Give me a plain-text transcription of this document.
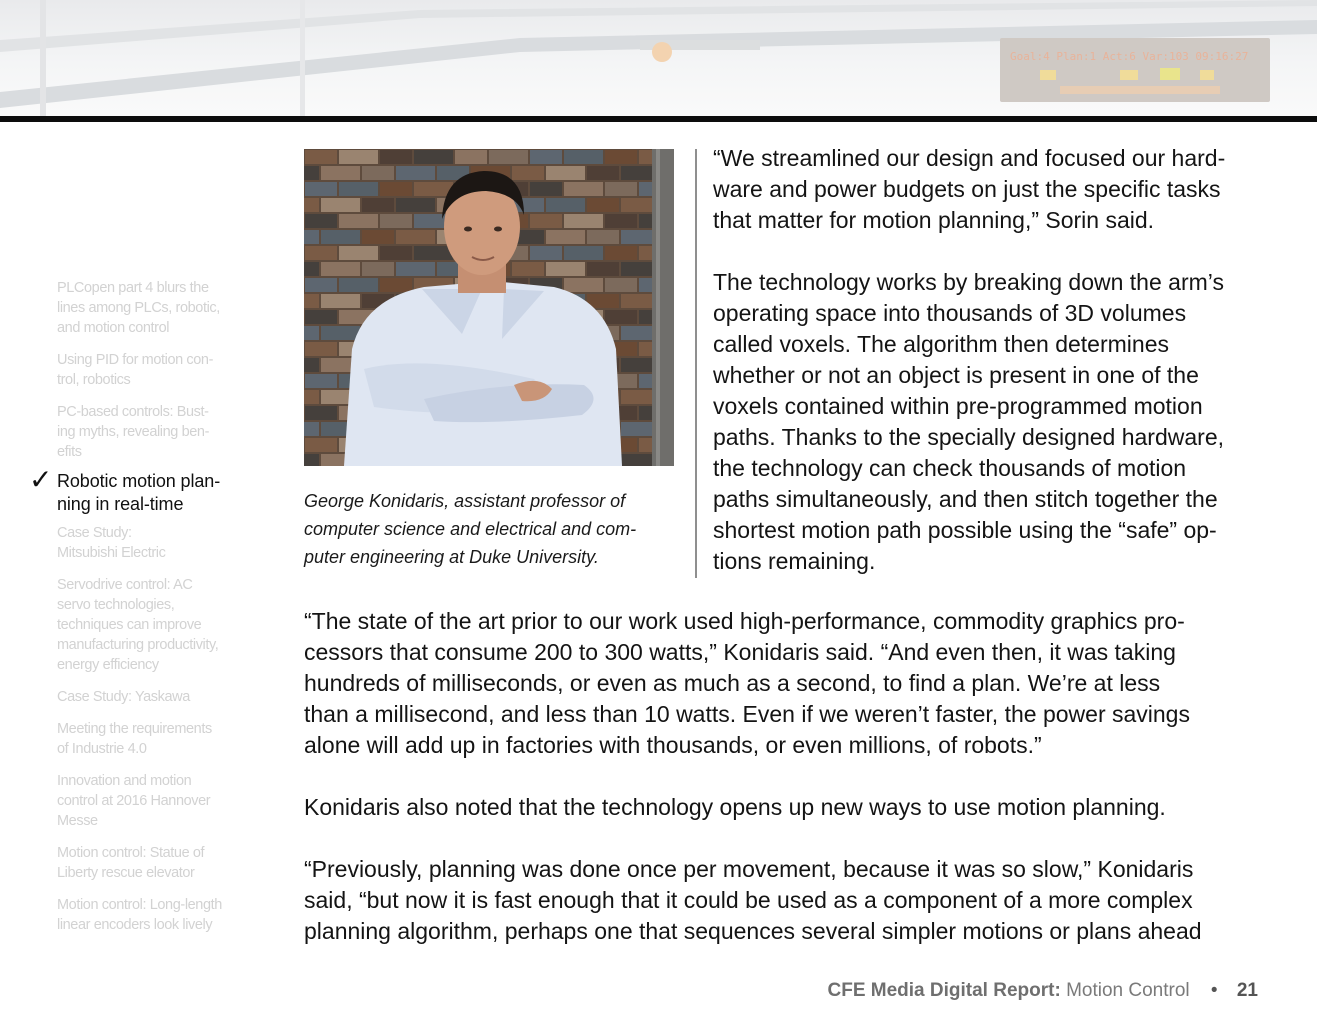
Goal:4 Plan:1 Act:6 Var:103 09:16:27
PLCopen part 4 blurs the
lines among PLCs, robotic,
and motion control
Using PID for motion con-
trol, robotics
PC-based controls: Bust-
ing myths, revealing ben-
efits
✓ Robotic motion plan-
ning in real-time
Case Study:
Mitsubishi Electric
Servodrive control: AC
servo technologies,
techniques can improve
manufacturing productivity,
energy efficiency
Case Study: Yaskawa
Meeting the requirements
of Industrie 4.0
Innovation and motion
control at 2016 Hannover
Messe
Motion control: Statue of
Liberty rescue elevator
Motion control: Long-length
linear encoders look lively
George Konidaris, assistant professor of
computer science and electrical and com-
puter engineering at Duke University.

“We streamlined our design and focused our hard-
ware and power budgets on just the specific tasks
that matter for motion planning,” Sorin said.

The technology works by breaking down the arm’s
operating space into thousands of 3D volumes
called voxels. The algorithm then determines
whether or not an object is present in one of the
voxels contained within pre-programmed motion
paths. Thanks to the specially designed hardware,
the technology can check thousands of motion
paths simultaneously, and then stitch together the
shortest motion path possible using the “safe” op-
tions remaining.

“The state of the art prior to our work used high-performance, commodity graphics pro-
cessors that consume 200 to 300 watts,” Konidaris said. “And even then, it was taking
hundreds of milliseconds, or even as much as a second, to find a plan. We’re at less
than a millisecond, and less than 10 watts. Even if we weren’t faster, the power savings
alone will add up in factories with thousands, or even millions, of robots.”

Konidaris also noted that the technology opens up new ways to use motion planning.

“Previously, planning was done once per movement, because it was so slow,” Konidaris
said, “but now it is fast enough that it could be used as a component of a more complex
planning algorithm, perhaps one that sequences several simpler motions or plans ahead

CFE Media Digital Report: Motion Control • 21
